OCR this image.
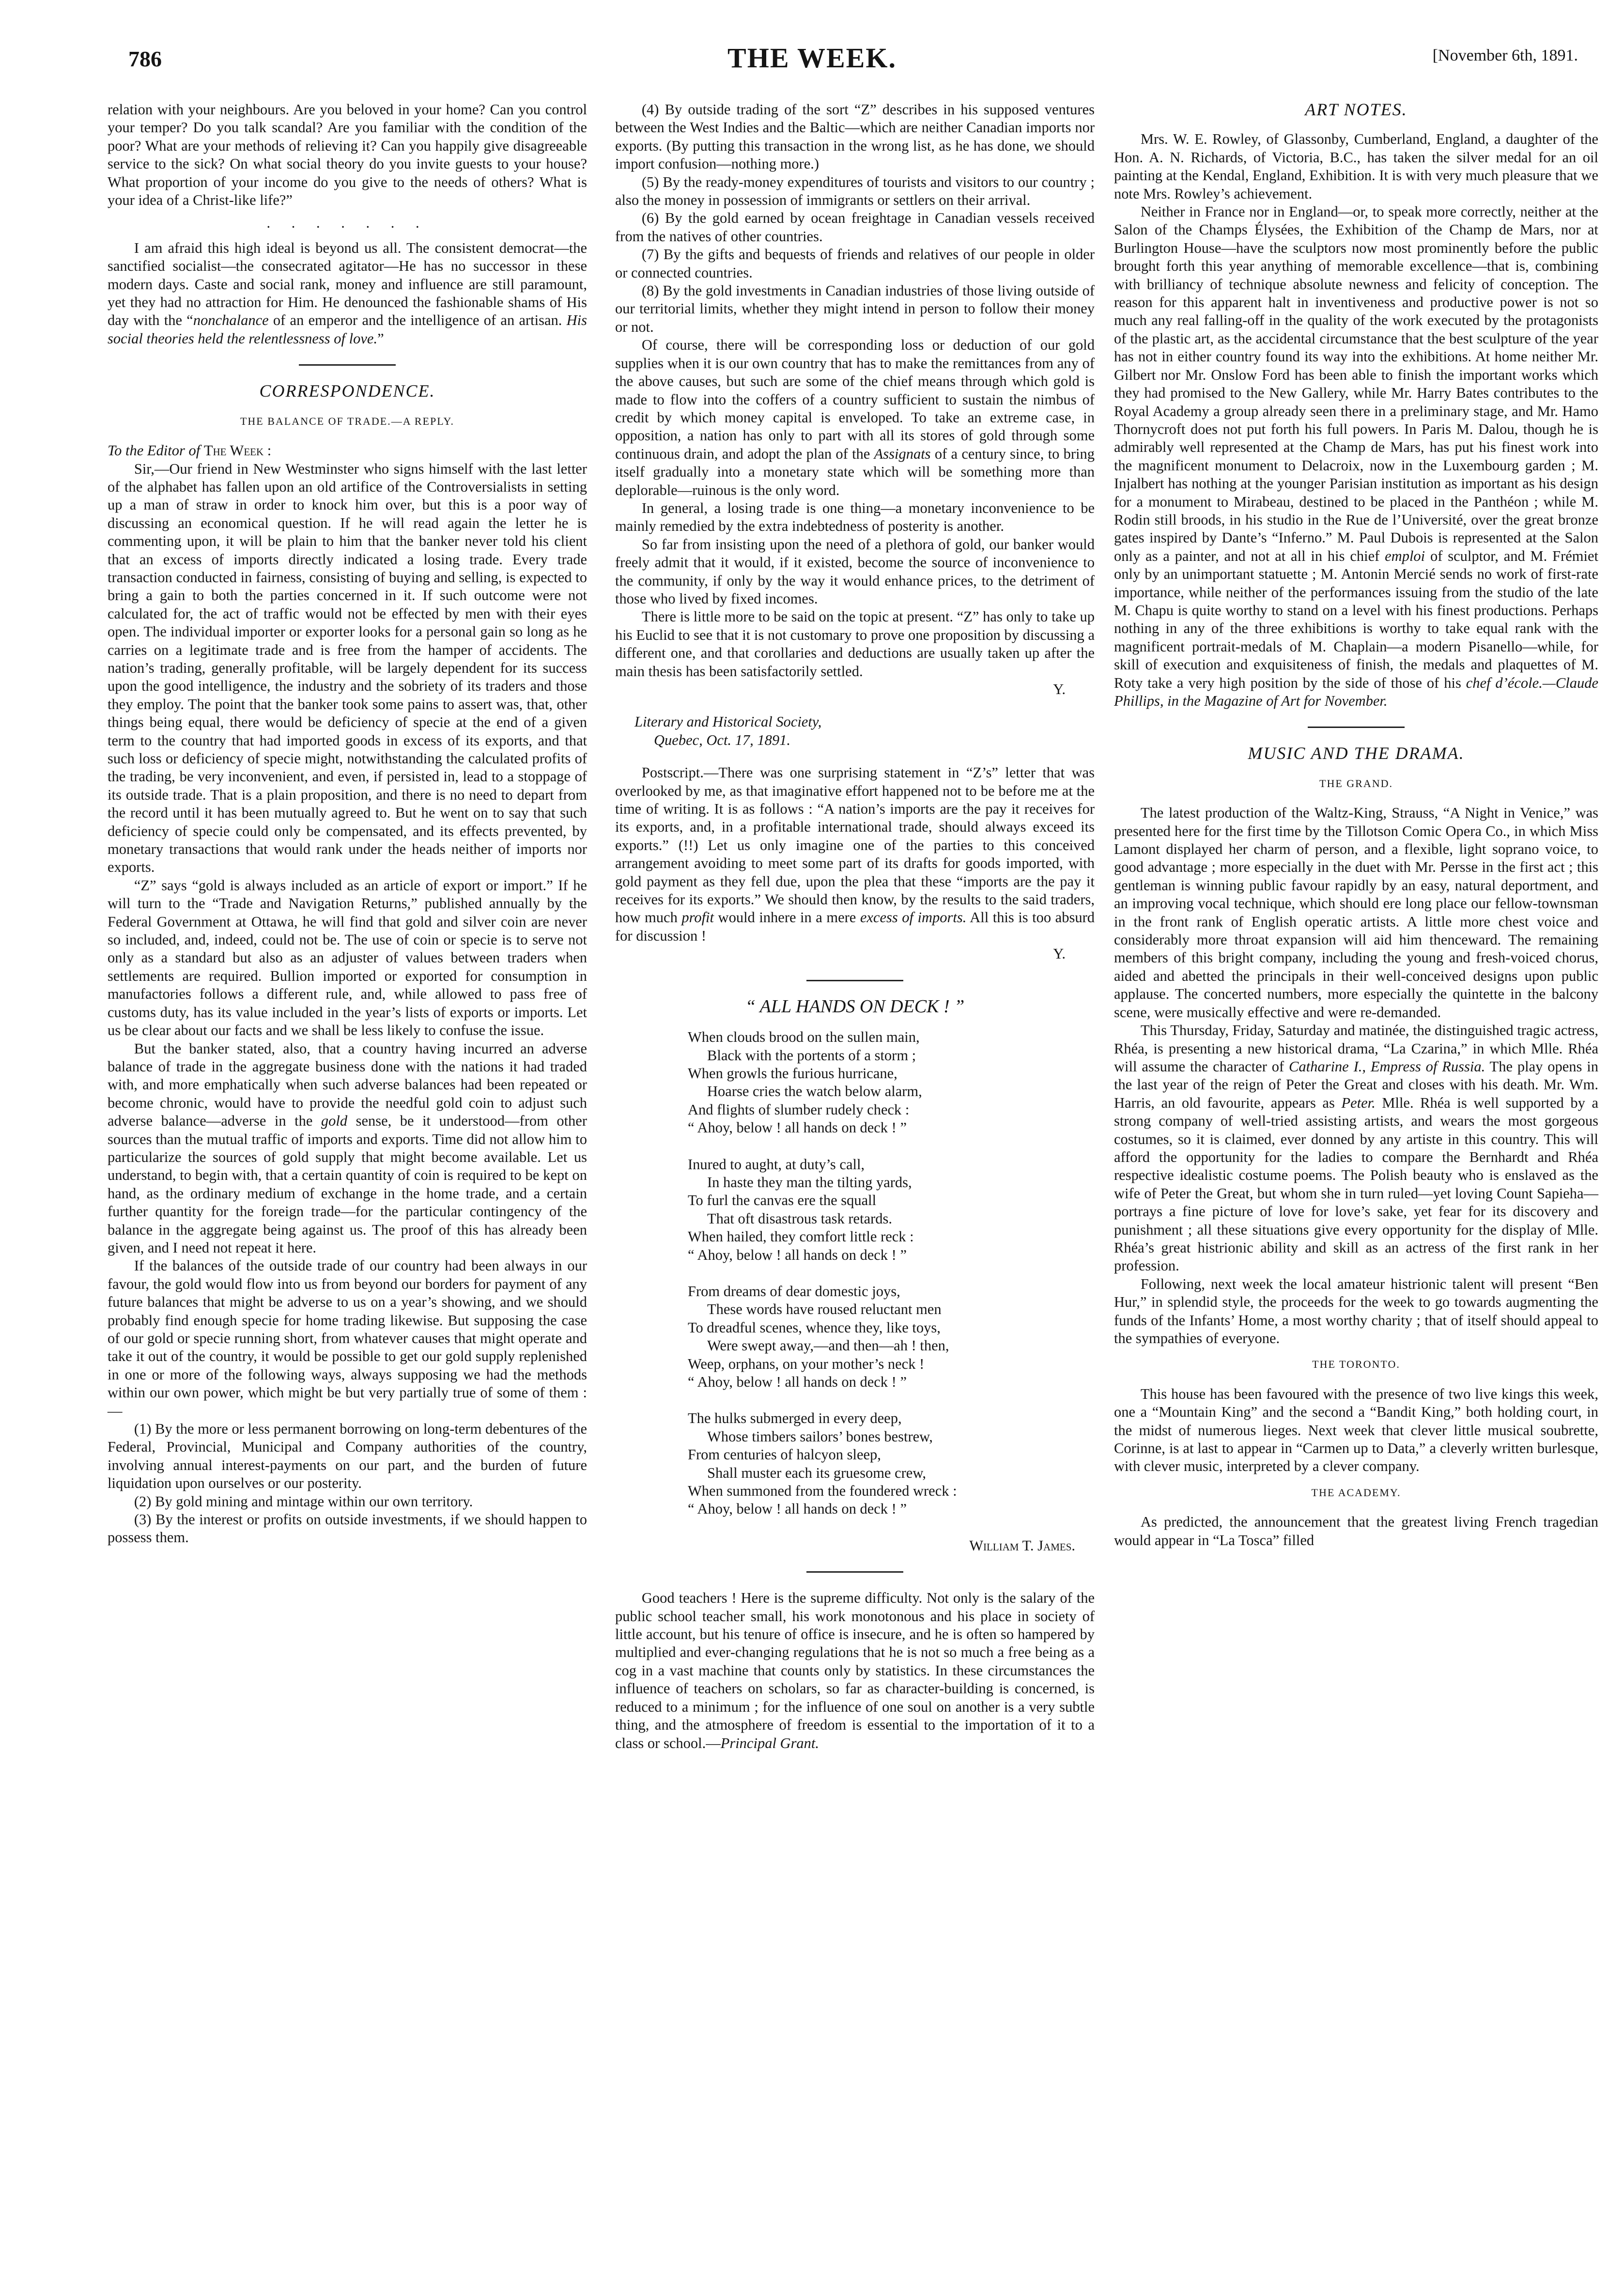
786	THE WEEK.	[November 6th, 1891.

relation with your neighbours. Are you beloved in your home? Can you control your temper? Do you talk scandal? Are you familiar with the condition of the poor? What are your methods of relieving it? Can you happily give disagreeable service to the sick? On what social theory do you invite guests to your house? What proportion of your income do you give to the needs of others? What is your idea of a Christ-like life?”

. . . . . . .

I am afraid this high ideal is beyond us all. The consistent democrat—the sanctified socialist—the consecrated agitator—He has no successor in these modern days. Caste and social rank, money and influence are still paramount, yet they had no attraction for Him. He denounced the fashionable shams of His day with the “nonchalance of an emperor and the intelligence of an artisan. His social theories held the relentlessness of love.”

CORRESPONDENCE.
THE BALANCE OF TRADE.—A REPLY.

To the Editor of The Week :

Sir,—Our friend in New Westminster who signs himself with the last letter of the alphabet has fallen upon an old artifice of the Controversialists in setting up a man of straw in order to knock him over, but this is a poor way of discussing an economical question. If he will read again the letter he is commenting upon, it will be plain to him that the banker never told his client that an excess of imports directly indicated a losing trade. Every trade transaction conducted in fairness, consisting of buying and selling, is expected to bring a gain to both the parties concerned in it. If such outcome were not calculated for, the act of traffic would not be effected by men with their eyes open. The individual importer or exporter looks for a personal gain so long as he carries on a legitimate trade and is free from the hamper of accidents. The nation’s trading, generally profitable, will be largely dependent for its success upon the good intelligence, the industry and the sobriety of its traders and those they employ. The point that the banker took some pains to assert was, that, other things being equal, there would be deficiency of specie at the end of a given term to the country that had imported goods in excess of its exports, and that such loss or deficiency of specie might, notwithstanding the calculated profits of the trading, be very inconvenient, and even, if persisted in, lead to a stoppage of its outside trade. That is a plain proposition, and there is no need to depart from the record until it has been mutually agreed to. But he went on to say that such deficiency of specie could only be compensated, and its effects prevented, by monetary transactions that would rank under the heads neither of imports nor exports.

“Z” says “gold is always included as an article of export or import.” If he will turn to the “Trade and Navigation Returns,” published annually by the Federal Government at Ottawa, he will find that gold and silver coin are never so included, and, indeed, could not be. The use of coin or specie is to serve not only as a standard but also as an adjuster of values between traders when settlements are required. Bullion imported or exported for consumption in manufactories follows a different rule, and, while allowed to pass free of customs duty, has its value included in the year’s lists of exports or imports. Let us be clear about our facts and we shall be less likely to confuse the issue.

But the banker stated, also, that a country having incurred an adverse balance of trade in the aggregate business done with the nations it had traded with, and more emphatically when such adverse balances had been repeated or become chronic, would have to provide the needful gold coin to adjust such adverse balance—adverse in the gold sense, be it understood—from other sources than the mutual traffic of imports and exports. Time did not allow him to particularize the sources of gold supply that might become available. Let us understand, to begin with, that a certain quantity of coin is required to be kept on hand, as the ordinary medium of exchange in the home trade, and a certain further quantity for the foreign trade—for the particular contingency of the balance in the aggregate being against us. The proof of this has already been given, and I need not repeat it here.

If the balances of the outside trade of our country had been always in our favour, the gold would flow into us from beyond our borders for payment of any future balances that might be adverse to us on a year’s showing, and we should probably find enough specie for home trading likewise. But supposing the case of our gold or specie running short, from whatever causes that might operate and take it out of the country, it would be possible to get our gold supply replenished in one or more of the following ways, always supposing we had the methods within our own power, which might be but very partially true of some of them :—

(1) By the more or less permanent borrowing on long-term debentures of the Federal, Provincial, Municipal and Company authorities of the country, involving annual interest-payments on our part, and the burden of future liquidation upon ourselves or our posterity.

(2) By gold mining and mintage within our own territory.

(3) By the interest or profits on outside investments, if we should happen to possess them.

(4) By outside trading of the sort “Z” describes in his supposed ventures between the West Indies and the Baltic—which are neither Canadian imports nor exports. (By putting this transaction in the wrong list, as he has done, we should import confusion—nothing more.)

(5) By the ready-money expenditures of tourists and visitors to our country ; also the money in possession of immigrants or settlers on their arrival.

(6) By the gold earned by ocean freightage in Canadian vessels received from the natives of other countries.

(7) By the gifts and bequests of friends and relatives of our people in older or connected countries.

(8) By the gold investments in Canadian industries of those living outside of our territorial limits, whether they might intend in person to follow their money or not.

Of course, there will be corresponding loss or deduction of our gold supplies when it is our own country that has to make the remittances from any of the above causes, but such are some of the chief means through which gold is made to flow into the coffers of a country sufficient to sustain the nimbus of credit by which money capital is enveloped. To take an extreme case, in opposition, a nation has only to part with all its stores of gold through some continuous drain, and adopt the plan of the Assignats of a century since, to bring itself gradually into a monetary state which will be something more than deplorable—ruinous is the only word.

In general, a losing trade is one thing—a monetary inconvenience to be mainly remedied by the extra indebtedness of posterity is another.

So far from insisting upon the need of a plethora of gold, our banker would freely admit that it would, if it existed, become the source of inconvenience to the community, if only by the way it would enhance prices, to the detriment of those who lived by fixed incomes.

There is little more to be said on the topic at present. “Z” has only to take up his Euclid to see that it is not customary to prove one proposition by discussing a different one, and that corollaries and deductions are usually taken up after the main thesis has been satisfactorily settled.

Y.
Literary and Historical Society,
Quebec, Oct. 17, 1891.

Postscript.—There was one surprising statement in “Z’s” letter that was overlooked by me, as that imaginative effort happened not to be before me at the time of writing. It is as follows : “A nation’s imports are the pay it receives for its exports, and, in a profitable international trade, should always exceed its exports.” (!!) Let us only imagine one of the parties to this conceived arrangement avoiding to meet some part of its drafts for goods imported, with gold payment as they fell due, upon the plea that these “imports are the pay it receives for its exports.” We should then know, by the results to the said traders, how much profit would inhere in a mere excess of imports. All this is too absurd for discussion !

Y.
“ ALL HANDS ON DECK ! ”
When clouds brood on the sullen main,
Black with the portents of a storm ;
When growls the furious hurricane,
Hoarse cries the watch below alarm,
And flights of slumber rudely check :
“ Ahoy, below ! all hands on deck ! ”
Inured to aught, at duty’s call,
In haste they man the tilting yards,
To furl the canvas ere the squall
That oft disastrous task retards.
When hailed, they comfort little reck :
“ Ahoy, below ! all hands on deck ! ”
From dreams of dear domestic joys,
These words have roused reluctant men
To dreadful scenes, whence they, like toys,
Were swept away,—and then—ah ! then,
Weep, orphans, on your mother’s neck !
“ Ahoy, below ! all hands on deck ! ”
The hulks submerged in every deep,
Whose timbers sailors’ bones bestrew,
From centuries of halcyon sleep,
Shall muster each its gruesome crew,
When summoned from the foundered wreck :
“ Ahoy, below ! all hands on deck ! ”
William T. James.

Good teachers ! Here is the supreme difficulty. Not only is the salary of the public school teacher small, his work monotonous and his place in society of little account, but his tenure of office is insecure, and he is often so hampered by multiplied and ever-changing regulations that he is not so much a free being as a cog in a vast machine that counts only by statistics. In these circumstances the influence of teachers on scholars, so far as character-building is concerned, is reduced to a minimum ; for the influence of one soul on another is a very subtle thing, and the atmosphere of freedom is essential to the importation of it to a class or school.—Principal Grant.

ART NOTES.

Mrs. W. E. Rowley, of Glassonby, Cumberland, England, a daughter of the Hon. A. N. Richards, of Victoria, B.C., has taken the silver medal for an oil painting at the Kendal, England, Exhibition. It is with very much pleasure that we note Mrs. Rowley’s achievement.

Neither in France nor in England—or, to speak more correctly, neither at the Salon of the Champs Élysées, the Exhibition of the Champ de Mars, nor at Burlington House—have the sculptors now most prominently before the public brought forth this year anything of memorable excellence—that is, combining with brilliancy of technique absolute newness and felicity of conception. The reason for this apparent halt in inventiveness and productive power is not so much any real falling-off in the quality of the work executed by the protagonists of the plastic art, as the accidental circumstance that the best sculpture of the year has not in either country found its way into the exhibitions. At home neither Mr. Gilbert nor Mr. Onslow Ford has been able to finish the important works which they had promised to the New Gallery, while Mr. Harry Bates contributes to the Royal Academy a group already seen there in a preliminary stage, and Mr. Hamo Thornycroft does not put forth his full powers. In Paris M. Dalou, though he is admirably well represented at the Champ de Mars, has put his finest work into the magnificent monument to Delacroix, now in the Luxembourg garden ; M. Injalbert has nothing at the younger Parisian institution as important as his design for a monument to Mirabeau, destined to be placed in the Panthéon ; while M. Rodin still broods, in his studio in the Rue de l’Université, over the great bronze gates inspired by Dante’s “Inferno.” M. Paul Dubois is represented at the Salon only as a painter, and not at all in his chief emploi of sculptor, and M. Frémiet only by an unimportant statuette ; M. Antonin Mercié sends no work of first-rate importance, while neither of the performances issuing from the studio of the late M. Chapu is quite worthy to stand on a level with his finest productions. Perhaps nothing in any of the three exhibitions is worthy to take equal rank with the magnificent portrait-medals of M. Chaplain—a modern Pisanello—while, for skill of execution and exquisiteness of finish, the medals and plaquettes of M. Roty take a very high position by the side of those of his chef d’école.—Claude Phillips, in the Magazine of Art for November.

MUSIC AND THE DRAMA.
THE GRAND.

The latest production of the Waltz-King, Strauss, “A Night in Venice,” was presented here for the first time by the Tillotson Comic Opera Co., in which Miss Lamont displayed her charm of person, and a flexible, light soprano voice, to good advantage ; more especially in the duet with Mr. Persse in the first act ; this gentleman is winning public favour rapidly by an easy, natural deportment, and an improving vocal technique, which should ere long place our fellow-townsman in the front rank of English operatic artists. A little more chest voice and considerably more throat expansion will aid him thenceward. The remaining members of this bright company, including the young and fresh-voiced chorus, aided and abetted the principals in their well-conceived designs upon public applause. The concerted numbers, more especially the quintette in the balcony scene, were musically effective and were re-demanded.

This Thursday, Friday, Saturday and matinée, the distinguished tragic actress, Rhéa, is presenting a new historical drama, “La Czarina,” in which Mlle. Rhéa will assume the character of Catharine I., Empress of Russia. The play opens in the last year of the reign of Peter the Great and closes with his death. Mr. Wm. Harris, an old favourite, appears as Peter. Mlle. Rhéa is well supported by a strong company of well-tried assisting artists, and wears the most gorgeous costumes, so it is claimed, ever donned by any artiste in this country. This will afford the opportunity for the ladies to compare the Bernhardt and Rhéa respective idealistic costume poems. The Polish beauty who is enslaved as the wife of Peter the Great, but whom she in turn ruled—yet loving Count Sapieha—portrays a fine picture of love for love’s sake, yet fear for its discovery and punishment ; all these situations give every opportunity for the display of Mlle. Rhéa’s great histrionic ability and skill as an actress of the first rank in her profession.

Following, next week the local amateur histrionic talent will present “Ben Hur,” in splendid style, the proceeds for the week to go towards augmenting the funds of the Infants’ Home, a most worthy charity ; that of itself should appeal to the sympathies of everyone.

THE TORONTO.

This house has been favoured with the presence of two live kings this week, one a “Mountain King” and the second a “Bandit King,” both holding court, in the midst of numerous lieges. Next week that clever little musical soubrette, Corinne, is at last to appear in “Carmen up to Data,” a cleverly written burlesque, with clever music, interpreted by a clever company.

THE ACADEMY.

As predicted, the announcement that the greatest living French tragedian would appear in “La Tosca” filled
